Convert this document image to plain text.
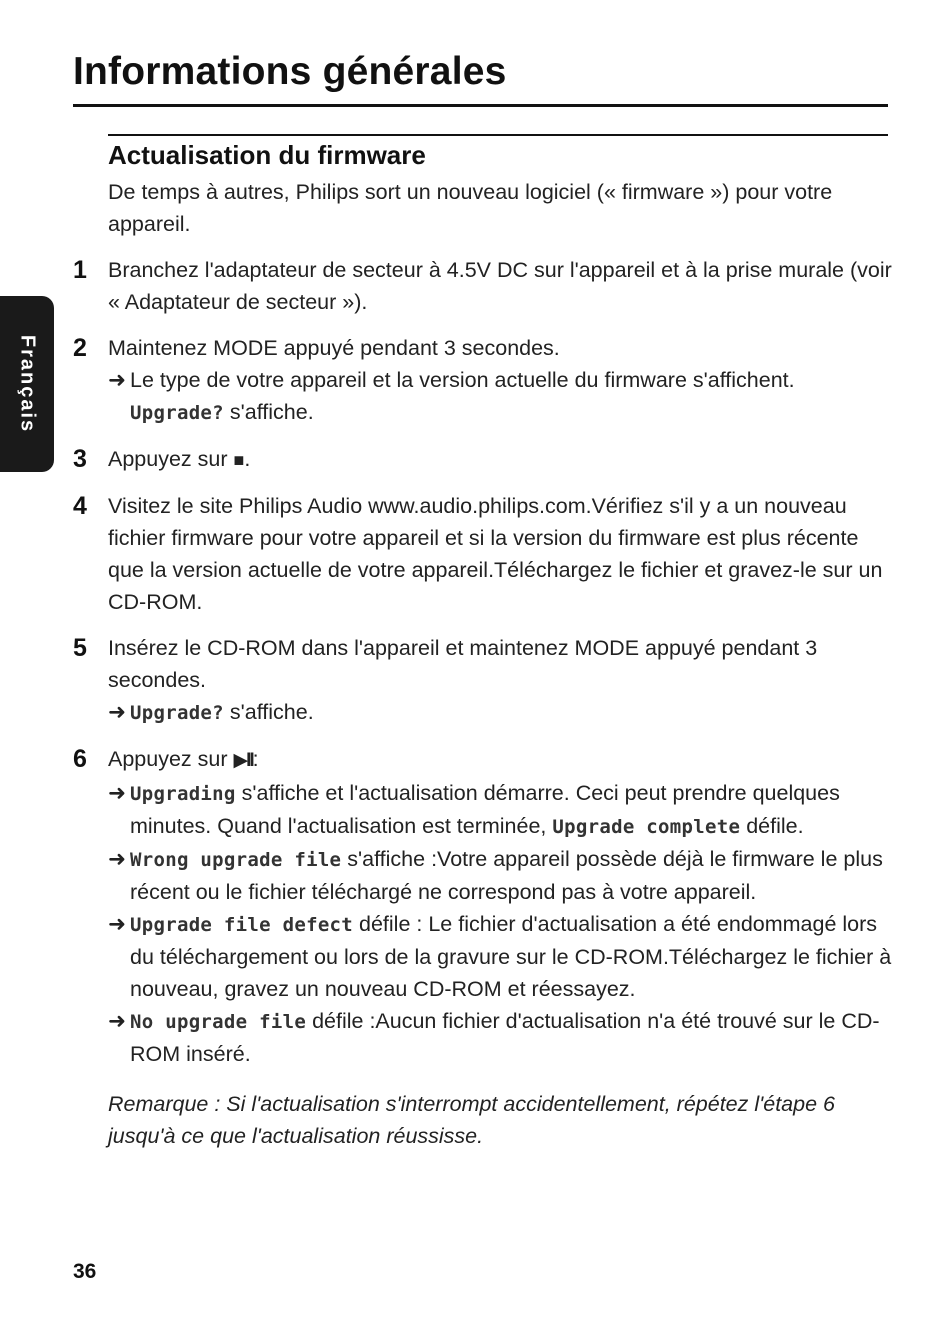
Informations générales
Français
Actualisation du firmware

De temps à autres, Philips sort un nouveau logiciel (« firmware ») pour votre appareil.

1 Branchez l'adaptateur de secteur à 4.5V DC sur l'appareil et à la prise murale (voir « Adaptateur de secteur »).

2 Maintenez MODE appuyé pendant 3 secondes.

➜ Le type de votre appareil et la version actuelle du firmware s'affichent.
Upgrade? s'affiche.

3 Appuyez sur ■.

4 Visitez le site Philips Audio www.audio.philips.com.Vérifiez s'il y a un nouveau fichier firmware pour votre appareil et si la version du firmware est plus récente que la version actuelle de votre appareil.Téléchargez le fichier et gravez-le sur un CD-ROM.

5 Insérez le CD-ROM dans l'appareil et maintenez MODE appuyé pendant 3 secondes.

➜ Upgrade? s'affiche.

6 Appuyez sur ▶II:

➜ Upgrading s'affiche et l'actualisation démarre. Ceci peut prendre quelques minutes. Quand l'actualisation est terminée, Upgrade complete défile.

➜ Wrong upgrade file s'affiche :Votre appareil possède déjà le firmware le plus récent ou le fichier téléchargé ne correspond pas à votre appareil.

➜ Upgrade file defect défile : Le fichier d'actualisation a été endommagé lors du téléchargement ou lors de la gravure sur le CD-ROM.Téléchargez le fichier à nouveau, gravez un nouveau CD-ROM et réessayez.

➜ No upgrade file défile :Aucun fichier d'actualisation n'a été trouvé sur le CD-ROM inséré.

Remarque : Si l'actualisation s'interrompt accidentellement, répétez l'étape 6 jusqu'à ce que l'actualisation réussisse.

36
